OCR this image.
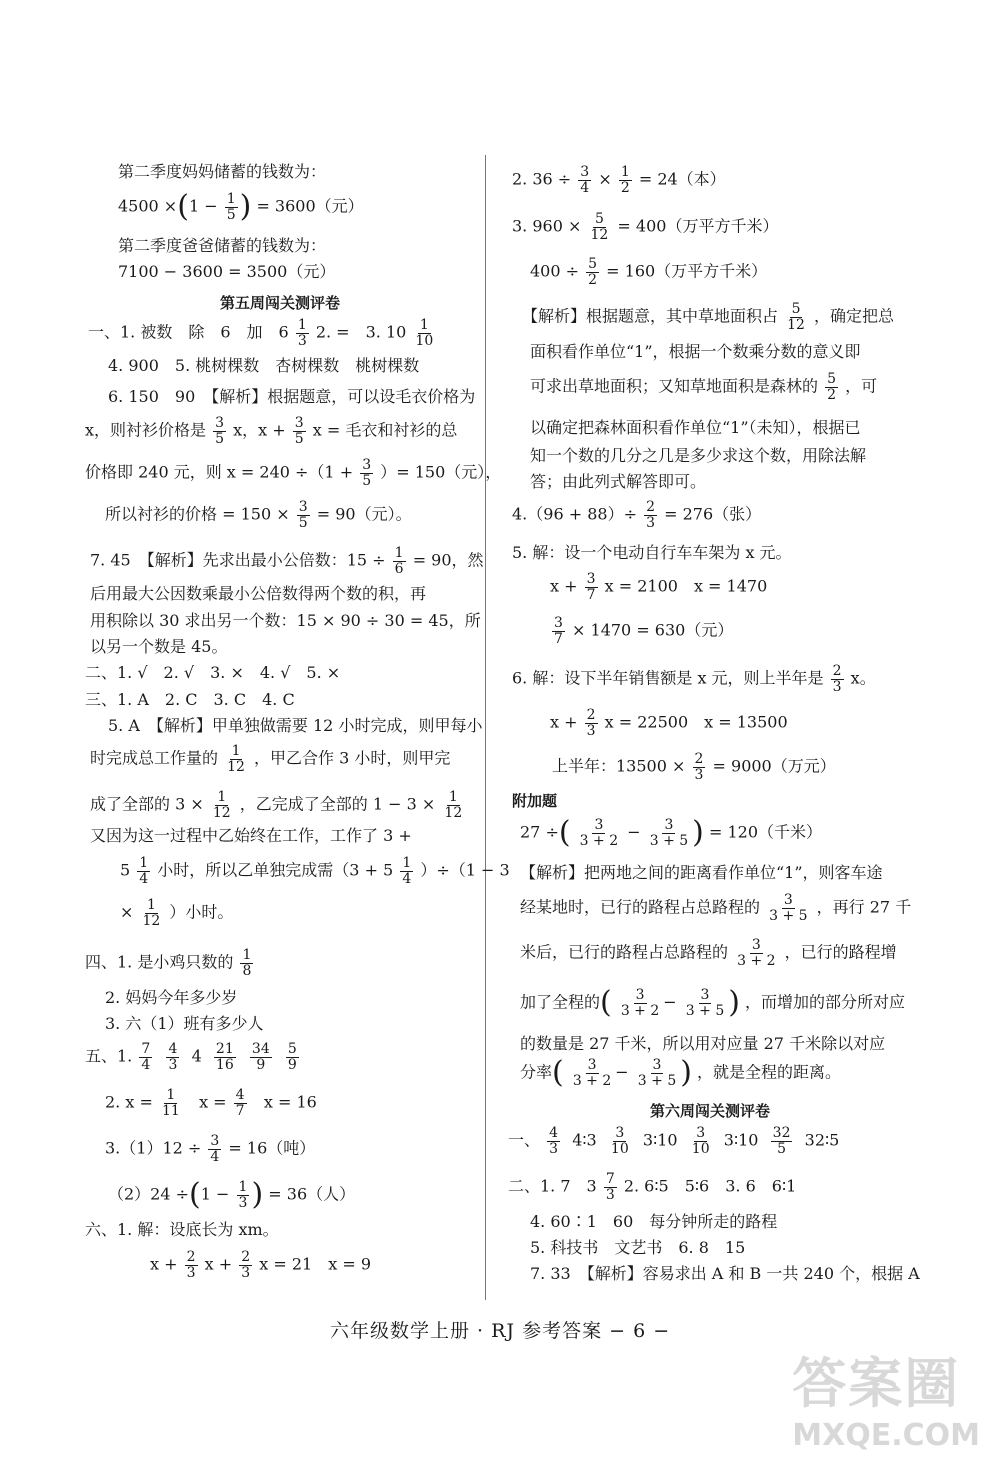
第二季度妈妈储蓄的钱数为：
$4500 \times(1 - \frac{1}{5}$ ) = 3600（元）
第二季度爸爸储蓄的钱数为：
7100 − 3600 = 3500（元）
第五周闯关测评卷
一、1. 被数　除　6　加　$6 \frac{1}{3} 2$. =　3. $10 \frac{1}{10}$
4. 900　5. 桃树棵数　杏树棵数　桃树棵数
6. 150　90　【解析】根据题意，可以设毛衣价格为
x，则衬衫价格是 $\frac{3}{5}$ x，$x + \frac{3}{5}$ x = 毛衣和衬衫的总
价格即 240 元，则 $x = 240 \div(1 + \frac{3}{5}$ ）= 150（元），
所以衬衫的价格 = $150 \times \frac{3}{5} = 90$（元）。
7. 45　【解析】先求出最小公倍数：$15 \div \frac{1}{6} = 90$，然
后用最大公因数乘最小公倍数得两个数的积，再
用积除以 30 求出另一个数：15 × 90 ÷ 30 = 45，所
以另一个数是 45。
二、1. √　2. √　3. ×　4. √　5. ×
三、1. A　2. C　3. C　4. C
5. A　【解析】甲单独做需要 12 小时完成，则甲每小
时完成总工作量的 $\frac{1}{12}$ ，甲乙合作 3 小时，则甲完
成了全部的 $3 \times \frac{1}{12}$ ，乙完成了全部的 $1 - 3 \times \frac{1}{12}$
又因为这一过程中乙始终在工作，工作了 3 +
$5 \frac{1}{4}$ 小时，所以乙单独完成需$(3 + 5 \frac{1}{4} )\div(1 - 3$
× $\frac{1}{12}$ ）小时。
四、1. 是小鸡只数的 $\frac{1}{8}$
2. 妈妈今年多少岁
3. 六（1）班有多少人
五、1. $\frac{7}{4}$
$\frac{4}{3} 4 \frac{21}{16}$
$\frac{34}{9}$
$\frac{5}{9}$
2. $x = \frac{1}{11}$ $x = \frac{4}{7}$ x = 16
$3.(1)12 \div \frac{3}{4} = 16$（吨）
$(2)24 \div(1 - \frac{1}{3}$ ) = 36（人）
六、1. 解：设底长为 xm。
$x + \frac{2}{3}$ $x + \frac{2}{3}$ x = 21　x = 9
2. $36 \div \frac{3}{4} \times \frac{1}{2} = 24$（本）
3. $960 \times \frac{5}{12} = 400$（万平方千米）
$400 \div \frac{5}{2} = 160$（万平方千米）
【解析】根据题意，其中草地面积占 $\frac{5}{12}$ ，确定把总
面积看作单位“1”，根据一个数乘分数的意义即
可求出草地面积；又知草地面积是森林的 $\frac{5}{2}$ ，可
以确定把森林面积看作单位“1”（未知），根据已
知一个数的几分之几是多少求这个数，用除法解
答；由此列式解答即可。
$4.(96 + 88)\div \frac{2}{3} = 276$（张）
5. 解：设一个电动自行车车架为 x 元。
$x + \frac{3}{7}$ x = 2100　x = 1470
$\frac{3}{7} \times 1470 = 630$（元）
6. 解：设下半年销售额是 x 元，则上半年是 $\frac{2}{3}$ x。
$x + \frac{2}{3}$ x = 22500　x = 13500
上半年：$13500 \times \frac{2}{3} = 9000$（万元）
附加题
27 ÷( $\frac{3}{3 + 2} - \frac{3}{3 + 5}$ ) = 120（千米）
【解析】把两地之间的距离看作单位“1”，则客车途
经某地时，已行的路程占总路程的 $\frac{3}{3 + 5}$ ，再行 27 千
米后，已行的路程占总路程的 $\frac{3}{3 + 2}$ ，已行的路程增
加了全程的( $\frac{3}{3 + 2} - \frac{3}{3 + 5}$ ) ，而增加的部分所对应
的数量是 27 千米，所以用对应量 27 千米除以对应
分率( $\frac{3}{3 + 2} - \frac{3}{3 + 5}$ ) ，就是全程的距离。
第六周闯关测评卷
一、 $\frac{4}{3}$ 4∶3 $\frac{3}{10}$ 3∶10 $\frac{3}{10}$ 3∶10 $\frac{32}{5}$ 32∶5
二、1. 7　$3 \frac{7}{3} 2$. 6∶5　5∶6　3. 6　6∶1
4. 60∶1　60　每分钟所走的路程
5. 科技书　文艺书　6. 8　15
7. 33　【解析】容易求出 A 和 B 一共 240 个，根据 A
六年级数学上册 · RJ 参考答案 − 6 −
答案圈
MXQE.COM
